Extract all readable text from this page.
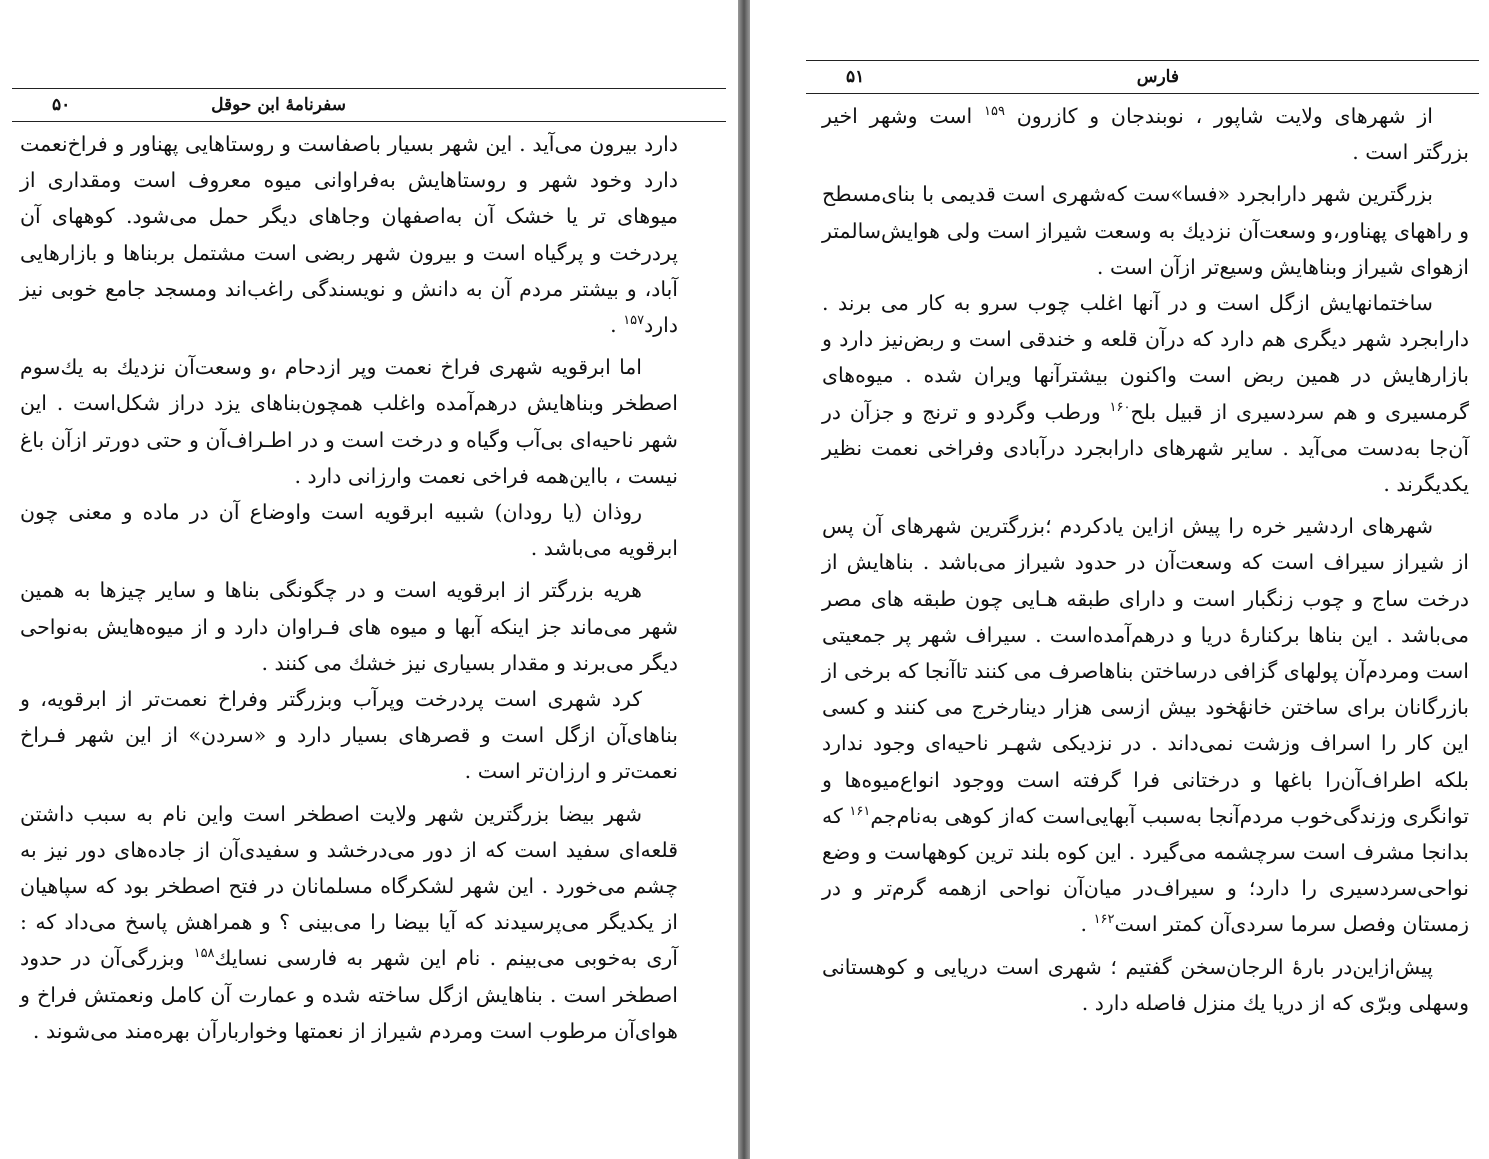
سفرنامهٔ ابن حوقل
۵۰

دارد بیرون می‌آید . این شهر بسیار باصفاست و روستاهایی پهناور و فراخ‌نعمت دارد وخود شهر و روستاهایش به‌فراوانی میوه معروف است ومقداری از میوهای تر یا خشک آن به‌اصفهان وجاهای دیگر حمل می‌شود. کوههای آن پردرخت و پرگیاه است و بیرون شهر ربضی است مشتمل بربناها و بازارهایی آباد، و بیشتر مردم آن به دانش و نویسندگی راغب‌اند ومسجد جامع خوبی نیز دارد$^{۱۵۷}$ .

اما ابرقویه شهری فراخ نعمت وپر ازدحام ،و وسعت‌آن نزدیك به يك‌سوم اصطخر وبناهایش درهم‌آمده واغلب همچون‌بناهای یزد دراز شکل‌است . این شهر ناحیه‌ای بی‌آب وگیاه و درخت است و در اطـراف‌آن و حتی دورتر از‌آن باغ نیست ، بااین‌همه فراخی نعمت وارزانی دارد .

روذان (یا رودان) شبیه ابرقویه است واوضاع آن در ماده و معنی چون ابرقویه می‌باشد .

هریه بزرگتر از ابرقویه است و در چگونگی بناها و سایر چیزها به همین شهر می‌ماند جز اینکه آبها و میوه های فـراوان دارد و از میوه‌هایش به‌نواحی دیگر می‌برند و مقدار بسیاری نیز خشك می کنند .

کرد شهری است پردرخت وپرآب وبزرگتر وفراخ نعمت‌تر از ابرقویه، و بناهای‌آن ازگل است و قصرهای بسیار دارد و «سردن» از این شهر فـراخ نعمت‌تر و ارزان‌تر است .

شهر بیضا بزرگترین شهر ولایت اصطخر است واین نام به سبب داشتن قلعه‌ای سفید است که از دور می‌درخشد و سفیدی‌آن از جاده‌های دور نیز به چشم می‌خورد . این شهر لشکرگاه مسلمانان در فتح اصطخر بود که سپاهیان از یکدیگر می‌پرسیدند که آیا بیضا را می‌بینی ؟ و همراهش پاسخ می‌داد که : آری به‌خوبی می‌بینم . نام این شهر به فارسی نسایك$^{۱۵۸}$ وبزرگی‌آن در حدود اصطخر است . بناهایش ازگل ساخته شده و عمارت آن کامل ونعمتش فراخ و هوای‌آن مرطوب است ومردم شیراز از نعمتها وخواربارآن بهره‌مند می‌شوند .

فارس
۵۱

از شهرهای ولایت شاپور ، نوبندجان و کازرون $^{۱۵۹}$ است وشهر اخیر بزرگتر است .

بزرگترین شهر دارابجرد «فسا»ست که‌شهری است قدیمی با بنای‌مسطح و راههای پهناور،و وسعت‌آن نزدیك به وسعت شیراز است ولی هوایش‌سالمتر ازهوای شیراز وبناهایش وسیع‌تر ازآن است .

ساختمانهایش ازگل است و در آنها اغلب چوب سرو به کار می برند . دارابجرد شهر دیگری هم دارد که درآن قلعه و خندقی است و ربض‌نیز دارد و بازارهایش در همین ربض است واکنون بیشترآنها ویران شده . میوه‌های گرمسیری و هم سردسیری از قبیل بلح$^{۱۶۰}$ ورطب وگردو و ترنج و جزآن در آن‌جا به‌دست می‌آید . سایر شهرهای دارابجرد درآبادی وفراخی نعمت نظیر یکدیگرند .

شهرهای اردشیر خره را پیش ازاین یادکردم ؛بزرگترین شهرهای آن پس از شیراز سیراف است که وسعت‌آن در حدود شیراز می‌باشد . بناهایش از درخت ساج و چوب زنگبار است و دارای طبقه هـایی چون طبقه های مصر می‌باشد . این بناها برکنارهٔ دریا و درهم‌آمده‌است . سیراف شهر پر جمعیتی است ومردم‌آن پولهای گزافی درساختن بناهاصرف می کنند تاآنجا که برخی از بازرگانان برای ساختن خانهٔخود بیش ازسی هزار دینارخرج می کنند و کسی این کار را اسراف وزشت نمی‌داند . در نزدیکی شهـر ناحیه‌ای وجود ندارد بلکه اطراف‌آن‌را باغها و درختانی فرا گرفته است ووجود انواع‌میوه‌ها و توانگری وزندگی‌خوب مردم‌آنجا به‌سبب آبهایی‌است که‌از کوهی به‌نام‌جم$^{۱۶۱}$ که بدانجا مشرف است سرچشمه می‌گیرد . این کوه بلند ترین کوههاست و وضع نواحی‌سردسیری را دارد؛ و سیراف‌در میان‌آن نواحی ازهمه گرم‌تر و در زمستان وفصل سرما سردی‌آن کمتر است$^{۱۶۲}$ .

پیش‌ازاین‌در بارهٔ الرجان‌سخن گفتیم ؛ شهری است دریایی و کوهستانی وسهلی وبرّی که از دریا يك منزل فاصله دارد .
